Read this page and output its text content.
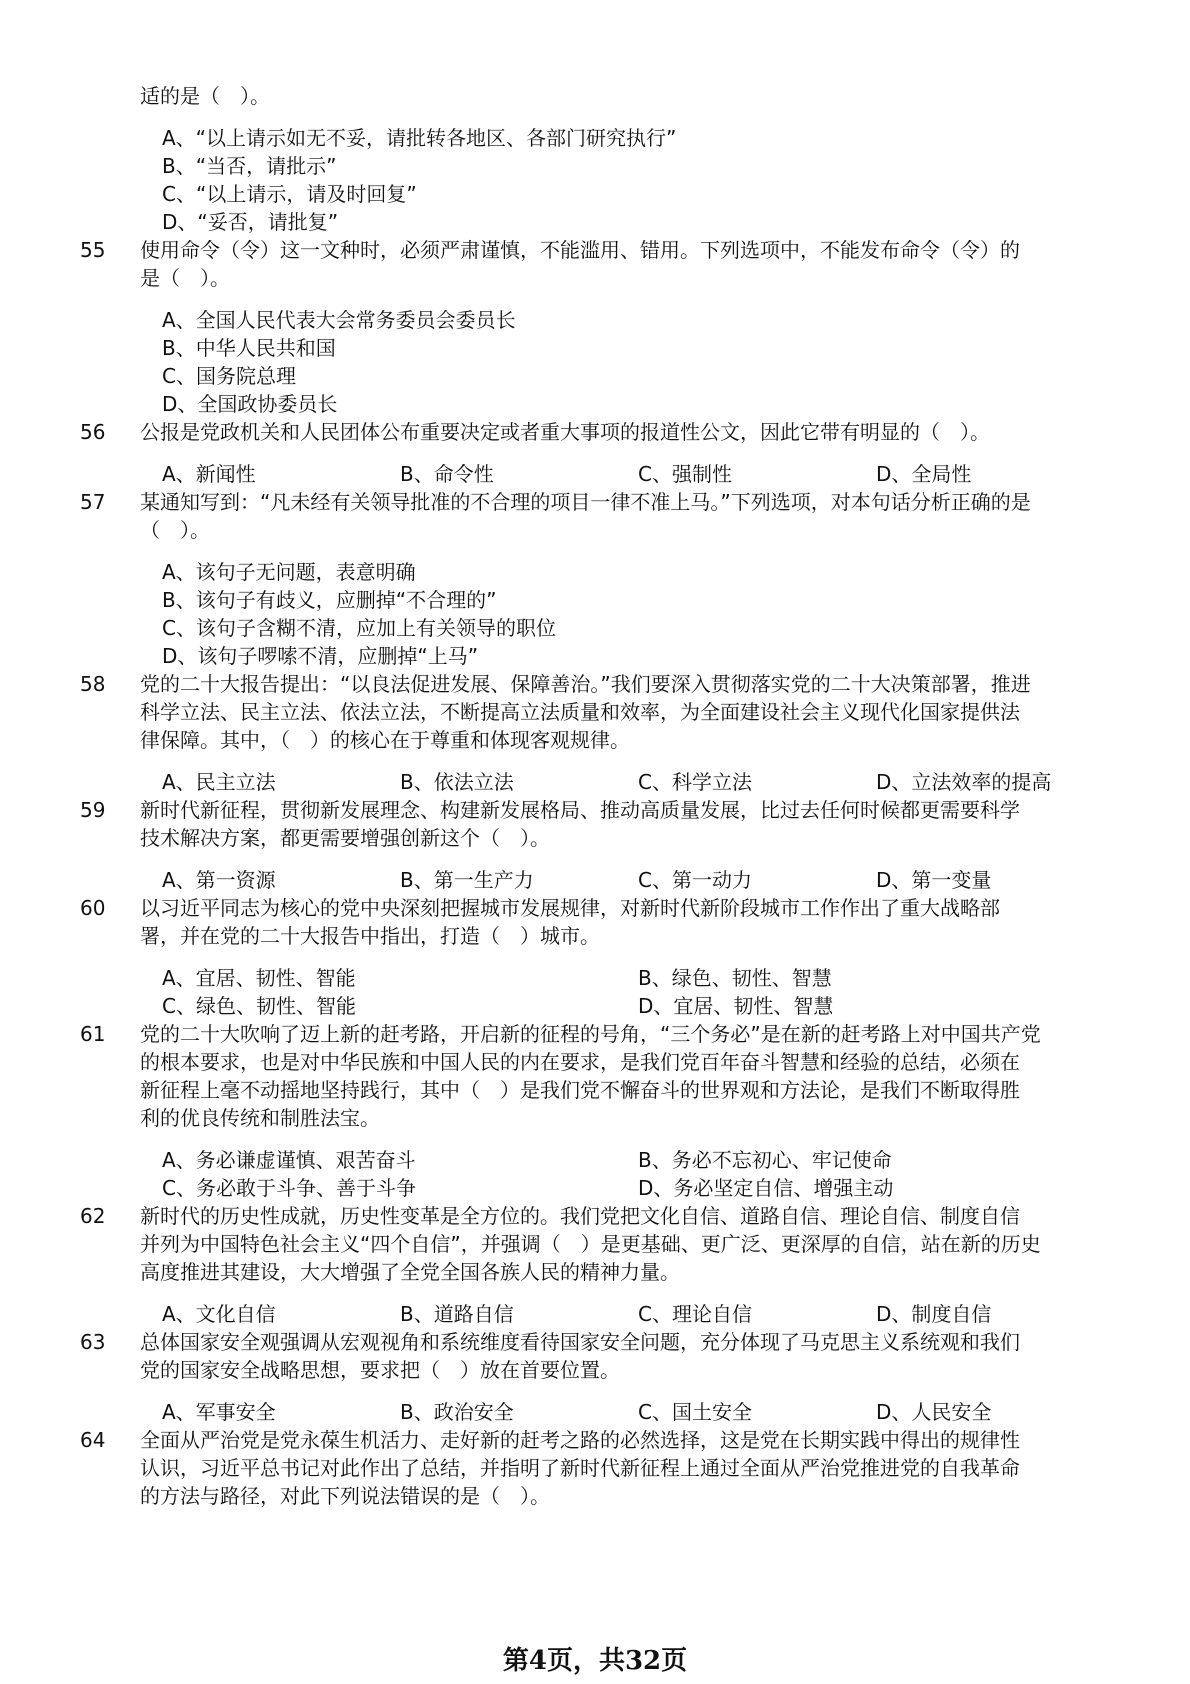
适的是（　）。
A、“以上请示如无不妥，请批转各地区、各部门研究执行”
B、“当否，请批示”
C、“以上请示，请及时回复”
D、“妥否，请批复”
55 使用命令（令）这一文种时，必须严肃谨慎，不能滥用、错用。下列选项中，不能发布命令（令）的
是（　）。
A、全国人民代表大会常务委员会委员长
B、中华人民共和国
C、国务院总理
D、全国政协委员长
56 公报是党政机关和人民团体公布重要决定或者重大事项的报道性公文，因此它带有明显的（　）。
A、新闻性	B、命令性	C、强制性	D、全局性
57 某通知写到：“凡未经有关领导批准的不合理的项目一律不准上马。”下列选项，对本句话分析正确的是
（　）。
A、该句子无问题，表意明确
B、该句子有歧义，应删掉“不合理的”
C、该句子含糊不清，应加上有关领导的职位
D、该句子啰嗦不清，应删掉“上马”
58 党的二十大报告提出：“以良法促进发展、保障善治。”我们要深入贯彻落实党的二十大决策部署，推进
科学立法、民主立法、依法立法，不断提高立法质量和效率，为全面建设社会主义现代化国家提供法
律保障。其中，（　）的核心在于尊重和体现客观规律。
A、民主立法	B、依法立法	C、科学立法	D、立法效率的提高
59 新时代新征程，贯彻新发展理念、构建新发展格局、推动高质量发展，比过去任何时候都更需要科学
技术解决方案，都更需要增强创新这个（　）。
A、第一资源	B、第一生产力	C、第一动力	D、第一变量
60 以习近平同志为核心的党中央深刻把握城市发展规律，对新时代新阶段城市工作作出了重大战略部
署，并在党的二十大报告中指出，打造（　）城市。
A、宜居、韧性、智能	B、绿色、韧性、智慧
C、绿色、韧性、智能	D、宜居、韧性、智慧
61 党的二十大吹响了迈上新的赶考路，开启新的征程的号角，“三个务必”是在新的赶考路上对中国共产党
的根本要求，也是对中华民族和中国人民的内在要求，是我们党百年奋斗智慧和经验的总结，必须在
新征程上毫不动摇地坚持践行，其中（　）是我们党不懈奋斗的世界观和方法论，是我们不断取得胜
利的优良传统和制胜法宝。
A、务必谦虚谨慎、艰苦奋斗	B、务必不忘初心、牢记使命
C、务必敢于斗争、善于斗争	D、务必坚定自信、增强主动
62 新时代的历史性成就，历史性变革是全方位的。我们党把文化自信、道路自信、理论自信、制度自信
并列为中国特色社会主义“四个自信”，并强调（　）是更基础、更广泛、更深厚的自信，站在新的历史
高度推进其建设，大大增强了全党全国各族人民的精神力量。
A、文化自信	B、道路自信	C、理论自信	D、制度自信
63 总体国家安全观强调从宏观视角和系统维度看待国家安全问题，充分体现了马克思主义系统观和我们
党的国家安全战略思想，要求把（　）放在首要位置。
A、军事安全	B、政治安全	C、国土安全	D、人民安全
64 全面从严治党是党永葆生机活力、走好新的赶考之路的必然选择，这是党在长期实践中得出的规律性
认识，习近平总书记对此作出了总结，并指明了新时代新征程上通过全面从严治党推进党的自我革命
的方法与路径，对此下列说法错误的是（　）。
第4页，共32页
